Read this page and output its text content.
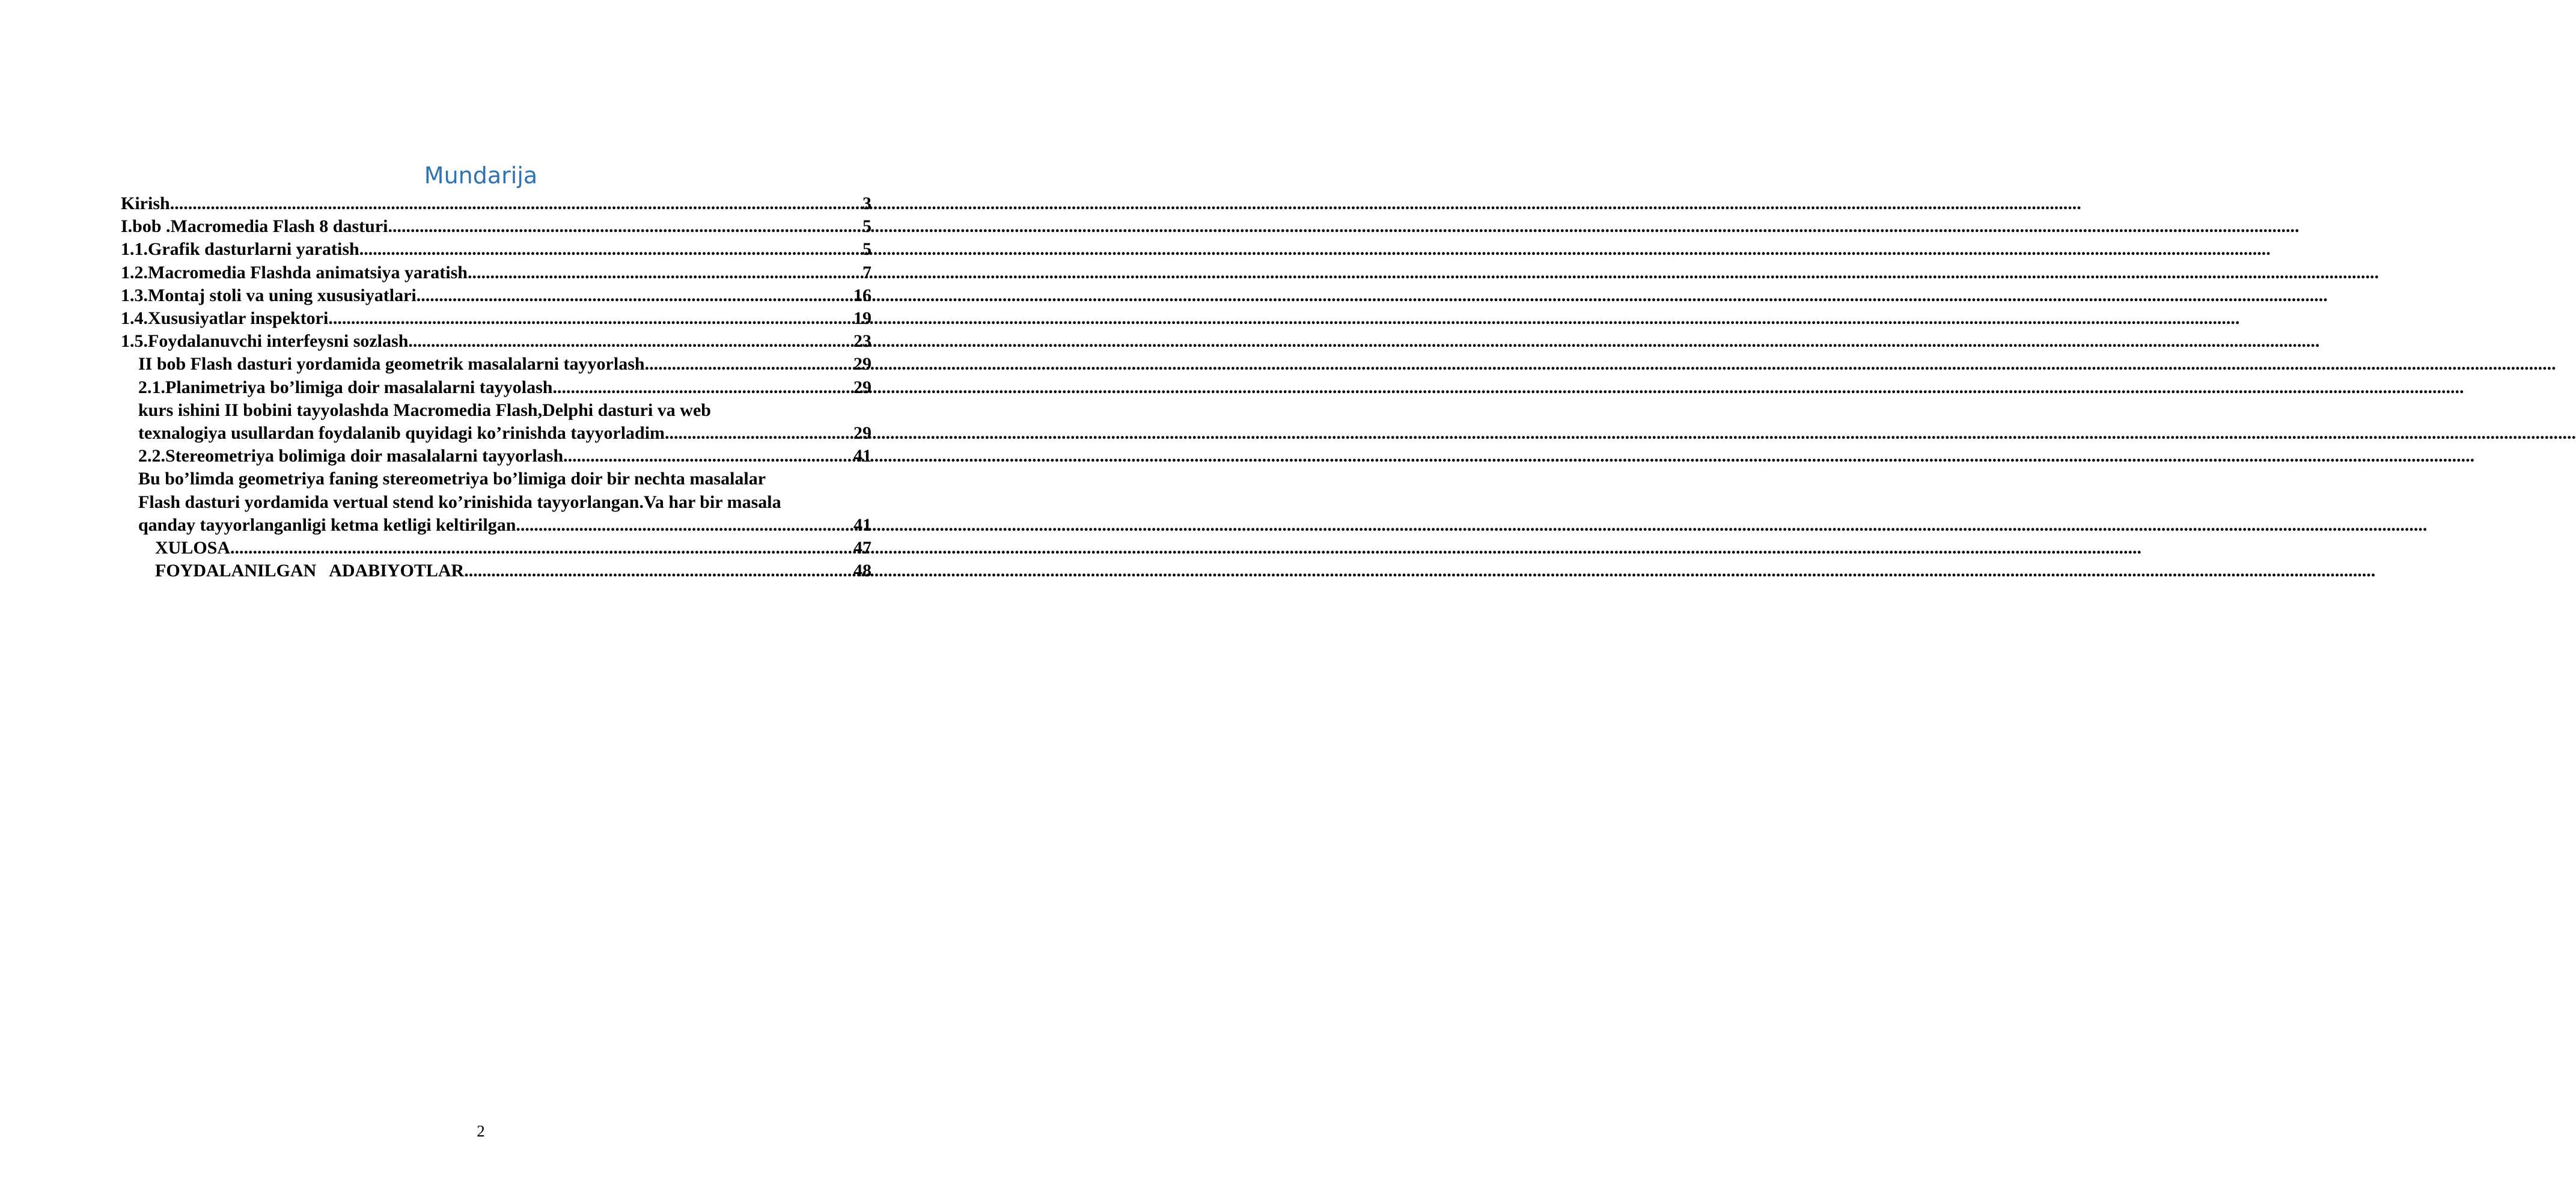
Mundarija
Kirish .....	3
I.bob .Macromedia Flash 8 dasturi .....	5
1.1.Grafik dasturlarni yaratish .....	5
1.2.Macromedia Flashda animatsiya yaratish .....	7
1.3.Montaj stoli va uning xususiyatlari .....	16
1.4.Xususiyatlar inspektori .....	19
1.5.Foydalanuvchi interfeysni sozlash .....	23
II bob Flash dasturi yordamida geometrik masalalarni tayyorlash .....	29
2.1.Planimetriya bo’limiga doir masalalarni tayyolash .....	29
kurs ishini II bobini tayyolashda Macromedia Flash,Delphi dasturi va web
texnalogiya usullardan foydalanib quyidagi ko’rinishda tayyorladim .....	29
2.2.Stereometriya bolimiga doir masalalarni tayyorlash .....	41
Bu bo’limda geometriya faning stereometriya bo’limiga doir bir nechta masalalar
Flash dasturi yordamida vertual stend ko’rinishida tayyorlangan.Va har bir masala
qanday tayyorlanganligi ketma ketligi keltirilgan .....	41
XULOSA .....	47
FOYDALANILGAN   ADABIYOTLAR .....	48
2
